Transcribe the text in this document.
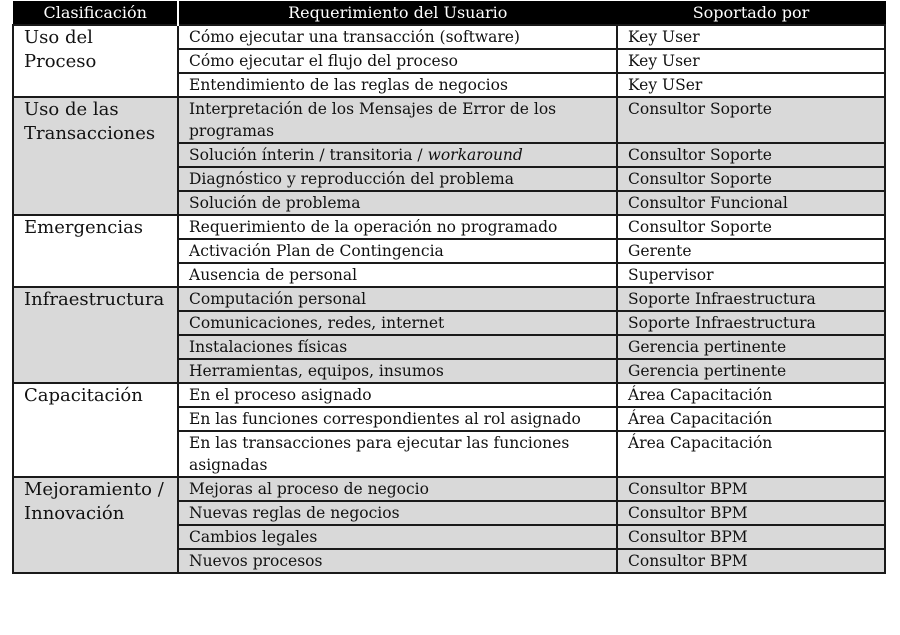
Clasificación	Requerimiento del Usuario	Soportado por
Uso del Proceso	Cómo ejecutar una transacción (software)	Key User
	Cómo ejecutar el flujo del proceso	Key User
	Entendimiento de las reglas de negocios	Key USer
Uso de las Transacciones	Interpretación de los Mensajes de Error de los programas	Consultor Soporte
	Solución ínterin / transitoria / workaround	Consultor Soporte
	Diagnóstico y reproducción del problema	Consultor Soporte
	Solución de problema	Consultor Funcional
Emergencias	Requerimiento de la operación no programado	Consultor Soporte
	Activación Plan de Contingencia	Gerente
	Ausencia de personal	Supervisor
Infraestructura	Computación personal	Soporte Infraestructura
	Comunicaciones, redes, internet	Soporte Infraestructura
	Instalaciones físicas	Gerencia pertinente
	Herramientas, equipos, insumos	Gerencia pertinente
Capacitación	En el proceso asignado	Área Capacitación
	En las funciones correspondientes al rol asignado	Área Capacitación
	En las transacciones para ejecutar las funciones asignadas	Área Capacitación
Mejoramiento / Innovación	Mejoras al proceso de negocio	Consultor BPM
	Nuevas reglas de negocios	Consultor BPM
	Cambios legales	Consultor BPM
	Nuevos procesos	Consultor BPM
